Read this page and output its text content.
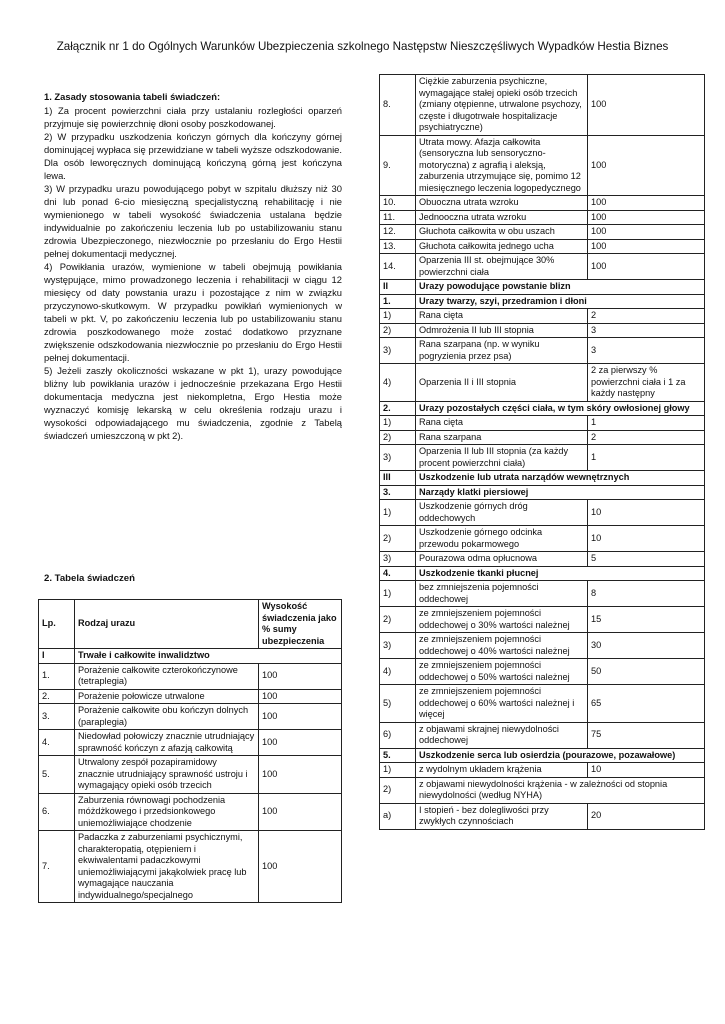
Załącznik nr 1 do Ogólnych Warunków Ubezpieczenia szkolnego Następstw Nieszczęśliwych Wypadków Hestia Biznes

1. Zasady stosowania tabeli świadczeń:

1) Za procent powierzchni ciała przy ustalaniu rozległości oparzeń przyjmuje się powierzchnię dłoni osoby poszkodowanej.

2) W przypadku uszkodzenia kończyn górnych dla kończyny górnej dominującej wypłaca się przewidziane w tabeli wyższe odszkodowanie. Dla osób leworęcznych dominującą kończyną górną jest kończyna lewa.

3) W przypadku urazu powodującego pobyt w szpitalu dłuższy niż 30 dni lub ponad 6-cio miesięczną specjalistyczną rehabilitację i nie wymienionego w tabeli wysokość świadczenia ustalana będzie indywidualnie po zakończeniu leczenia lub po ustabilizowaniu stanu zdrowia Ubezpieczonego, niezwłocznie po przesłaniu do Ergo Hestii pełnej dokumentacji medycznej.

4) Powikłania urazów, wymienione w tabeli obejmują powikłania występujące, mimo prowadzonego leczenia i rehabilitacji w ciągu 12 miesięcy od daty powstania urazu i pozostające z nim w związku przyczynowo-skutkowym. W przypadku powikłań wymienionych w tabeli w pkt. V, po zakończeniu leczenia lub po ustabilizowaniu stanu zdrowia poszkodowanego może zostać dodatkowo przyznane zwiększenie odszkodowania niezwłocznie po przesłaniu do Ergo Hestii pełnej dokumentacji.

5) Jeżeli zaszły okoliczności wskazane w pkt 1), urazy powodujące bliżny lub powikłania urazów i jednocześnie przekazana Ergo Hestii dokumentacja medyczna jest niekompletna, Ergo Hestia może wyznaczyć komisję lekarską w celu określenia rodzaju urazu i wysokości odpowiadającego mu świadczenia, zgodnie z Tabelą świadczeń umieszczoną w pkt 2).

2. Tabela świadczeń
Lp.	Rodzaj urazu	Wysokość świadczenia jako % sumy ubezpieczenia
I	Trwałe i całkowite inwalidztwo	
1.	Porażenie całkowite czterokończynowe (tetraplegia)	100
2.	Porażenie połowicze utrwalone	100
3.	Porażenie całkowite obu kończyn dolnych (paraplegia)	100
4.	Niedowład połowiczy znacznie utrudniający sprawność kończyn z afazją całkowitą	100
5.	Utrwalony zespół pozapiramidowy znacznie utrudniający sprawność ustroju i wymagający opieki osób trzecich	100
6.	Zaburzenia równowagi pochodzenia móżdżkowego i przedsionkowego uniemożliwiające chodzenie	100
7.	Padaczka z zaburzeniami psychicznymi, charakteropatią, otępieniem i ekwiwalentami padaczkowymi uniemożliwiającymi jakąkolwiek pracę lub wymagające nauczania indywidualnego/specjalnego	100
8.	Ciężkie zaburzenia psychiczne, wymagające stałej opieki osób trzecich (zmiany otępienne, utrwalone psychozy, częste i długotrwałe hospitalizacje psychiatryczne)	100
9.	Utrata mowy. Afazja całkowita (sensoryczna lub sensoryczno-motoryczna) z agrafią i aleksją, zaburzenia utrzymujące się, pomimo 12 miesięcznego leczenia logopedycznego	100
10.	Obuoczna utrata wzroku	100
11.	Jednooczna utrata wzroku	100
12.	Głuchota całkowita w obu uszach	100
13.	Głuchota całkowita jednego ucha	100
14.	Oparzenia III st. obejmujące 30% powierzchni ciała	100
II	Urazy powodujące powstanie blizn	
1.	Urazy twarzy, szyi, przedramion i dłoni	
1)	Rana cięta	2
2)	Odmrożenia II lub III stopnia	3
3)	Rana szarpana (np. w wyniku pogryzienia przez psa)	3
4)	Oparzenia II i III stopnia	2 za pierwszy % powierzchni ciała i 1 za każdy następny
2.	Urazy pozostałych części ciała, w tym skóry owłosionej głowy	
1)	Rana cięta	1
2)	Rana szarpana	2
3)	Oparzenia II lub III stopnia (za każdy procent powierzchni ciała)	1
III	Uszkodzenie lub utrata narządów wewnętrznych	
3.	Narządy klatki piersiowej	
1)	Uszkodzenie górnych dróg oddechowych	10
2)	Uszkodzenie górnego odcinka przewodu pokarmowego	10
3)	Pourazowa odma opłucnowa	5
4.	Uszkodzenie tkanki płucnej	
1)	bez zmniejszenia pojemności oddechowej	8
2)	ze zmniejszeniem pojemności oddechowej o 30% wartości należnej	15
3)	ze zmniejszeniem pojemności oddechowej o 40% wartości należnej	30
4)	ze zmniejszeniem pojemności oddechowej o 50% wartości należnej	50
5)	ze zmniejszeniem pojemności oddechowej o 60% wartości należnej i więcej	65
6)	z objawami skrajnej niewydolności oddechowej	75
5.	Uszkodzenie serca lub osierdzia (pourazowe, pozawałowe)	
1)	z wydolnym układem krążenia	10
2)	z objawami niewydolności krążenia - w zależności od stopnia niewydolności (według NYHA)	
a)	I stopień - bez dolegliwości przy zwykłych czynnościach	20
